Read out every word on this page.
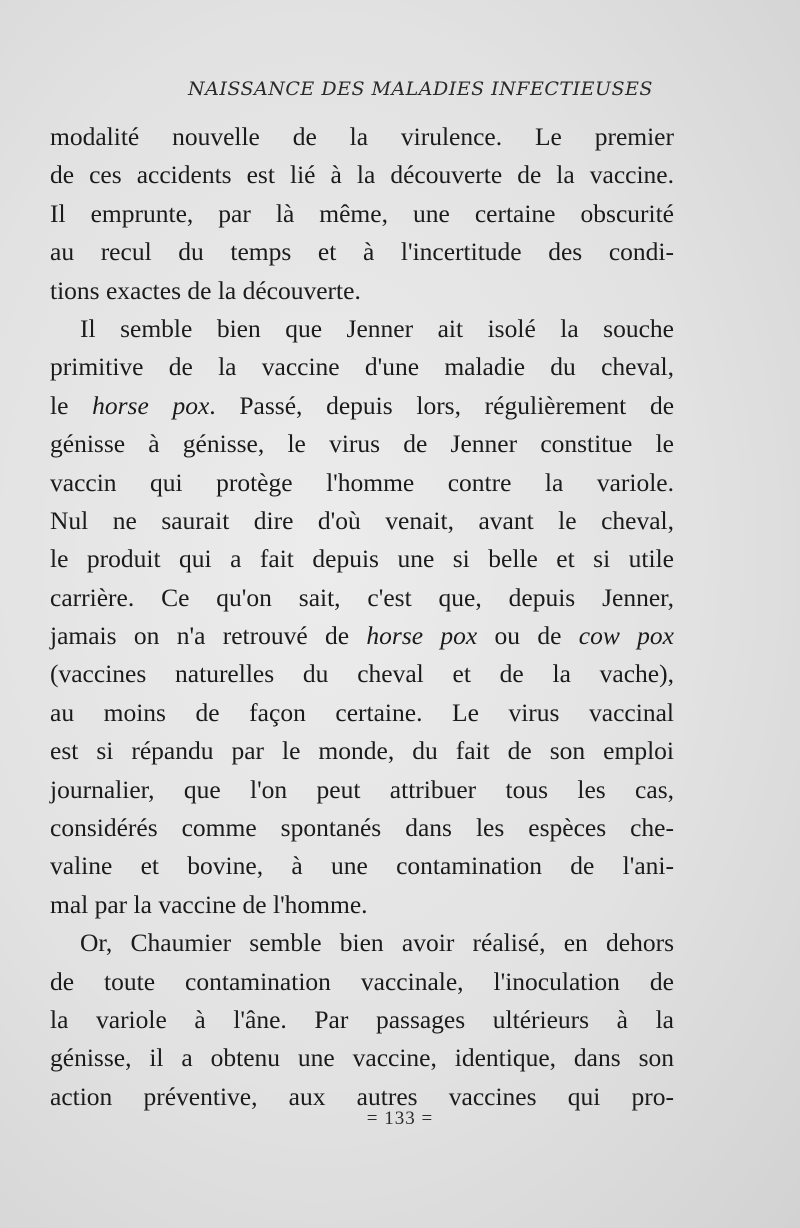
NAISSANCE DES MALADIES INFECTIEUSES
modalité nouvelle de la virulence. Le premier
de ces accidents est lié à la découverte de la vaccine.
Il emprunte, par là même, une certaine obscurité
au recul du temps et à l'incertitude des condi-
tions exactes de la découverte.
Il semble bien que Jenner ait isolé la souche
primitive de la vaccine d'une maladie du cheval,
le horse pox. Passé, depuis lors, régulièrement de
génisse à génisse, le virus de Jenner constitue le
vaccin qui protège l'homme contre la variole.
Nul ne saurait dire d'où venait, avant le cheval,
le produit qui a fait depuis une si belle et si utile
carrière. Ce qu'on sait, c'est que, depuis Jenner,
jamais on n'a retrouvé de horse pox ou de cow pox
(vaccines naturelles du cheval et de la vache),
au moins de façon certaine. Le virus vaccinal
est si répandu par le monde, du fait de son emploi
journalier, que l'on peut attribuer tous les cas,
considérés comme spontanés dans les espèces che-
valine et bovine, à une contamination de l'ani-
mal par la vaccine de l'homme.
Or, Chaumier semble bien avoir réalisé, en dehors
de toute contamination vaccinale, l'inoculation de
la variole à l'âne. Par passages ultérieurs à la
génisse, il a obtenu une vaccine, identique, dans son
action préventive, aux autres vaccines qui pro-
= 133 =
